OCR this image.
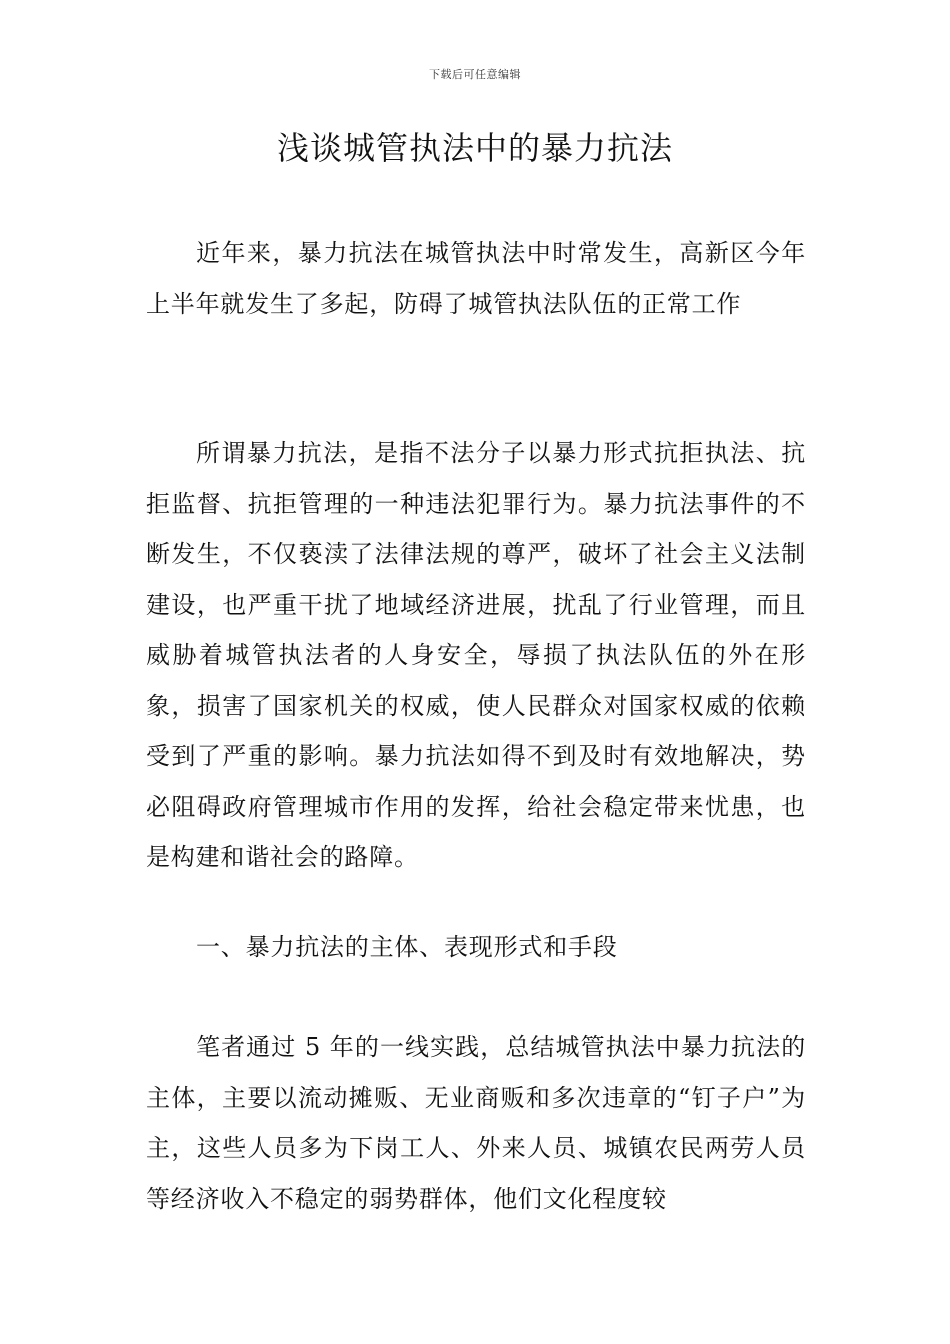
下载后可任意编辑
浅谈城管执法中的暴力抗法

近年来，暴力抗法在城管执法中时常发生，高新区今年上半年就发生了多起，防碍了城管执法队伍的正常工作

所谓暴力抗法，是指不法分子以暴力形式抗拒执法、抗拒监督、抗拒管理的一种违法犯罪行为。暴力抗法事件的不断发生，不仅亵渎了法律法规的尊严，破坏了社会主义法制建设，也严重干扰了地域经济进展，扰乱了行业管理，而且威胁着城管执法者的人身安全，辱损了执法队伍的外在形象，损害了国家机关的权威，使人民群众对国家权威的依赖受到了严重的影响。暴力抗法如得不到及时有效地解决，势必阻碍政府管理城市作用的发挥，给社会稳定带来忧患，也是构建和谐社会的路障。

一、暴力抗法的主体、表现形式和手段

笔者通过 5 年的一线实践，总结城管执法中暴力抗法的主体，主要以流动摊贩、无业商贩和多次违章的“钉子户”为主，这些人员多为下岗工人、外来人员、城镇农民两劳人员等经济收入不稳定的弱势群体，他们文化程度较
